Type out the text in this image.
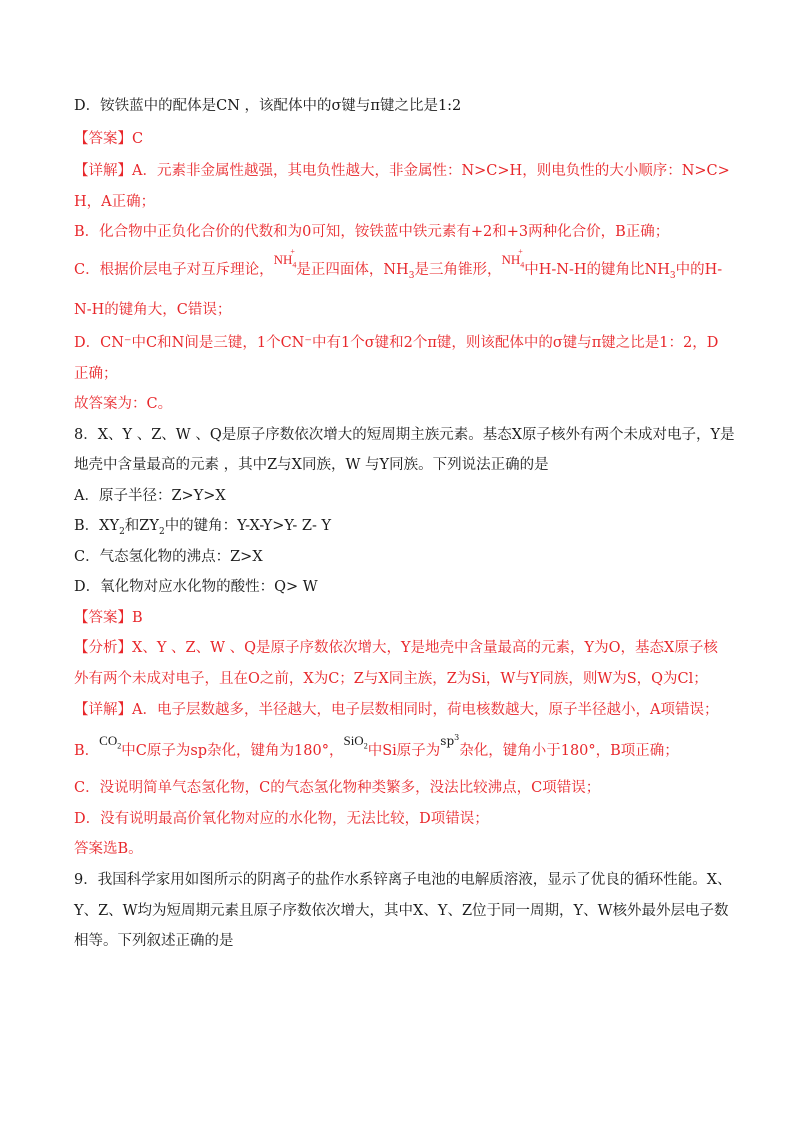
D．铵铁蓝中的配体是CN ，该配体中的σ键与π键之比是1:2
【答案】C
【详解】A．元素非金属性越强，其电负性越大，非金属性：N>C>H，则电负性的大小顺序：N>C>
H，A正确；
B．化合物中正负化合价的代数和为0可知，铵铁蓝中铁元素有+2和+3两种化合价，B正确；
C．根据价层电子对互斥理论，NH
+
$_4$是正四面体，$NH_3$是三角锥形，NH
+
$_4$中H-N-H的键角比$NH_3$中的H-
N-H的键角大，C错误；
D．CN⁻中C和N间是三键，1个CN⁻中有1个σ键和2个π键，则该配体中的σ键与π键之比是1：2，D
正确；
故答案为：C。
8．X、Y 、Z、W 、Q是原子序数依次增大的短周期主族元素。基态X原子核外有两个未成对电子，Y是
地壳中含量最高的元素 ，其中Z与X同族，W 与Y同族。下列说法正确的是
A．原子半径：Z>Y>X
B．$XY_2$和$ZY_2$中的键角：Y-X-Y>Y- Z- Y
C．气态氢化物的沸点：Z>X
D．氧化物对应水化物的酸性：Q> W
【答案】B
【分析】X、Y 、Z、W 、Q是原子序数依次增大，Y是地壳中含量最高的元素，Y为O，基态X原子核
外有两个未成对电子，且在O之前，X为C；Z与X同主族，Z为Si，W与Y同族，则W为S，Q为Cl；
【详解】A．电子层数越多，半径越大，电子层数相同时，荷电核数越大，原子半径越小，A项错误；
B．$CO_2$中C原子为sp杂化，键角为180°，SiO$_2$中Si原子为$^{sp^3}$杂化，键角小于180°，B项正确；
C．没说明简单气态氢化物，C的气态氢化物种类繁多，没法比较沸点，C项错误；
D．没有说明最高价氧化物对应的水化物，无法比较，D项错误；
答案选B。
9．我国科学家用如图所示的阴离子的盐作水系锌离子电池的电解质溶液，显示了优良的循环性能。X、
Y、Z、W均为短周期元素且原子序数依次增大，其中X、Y、Z位于同一周期，Y、W核外最外层电子数
相等。下列叙述正确的是
